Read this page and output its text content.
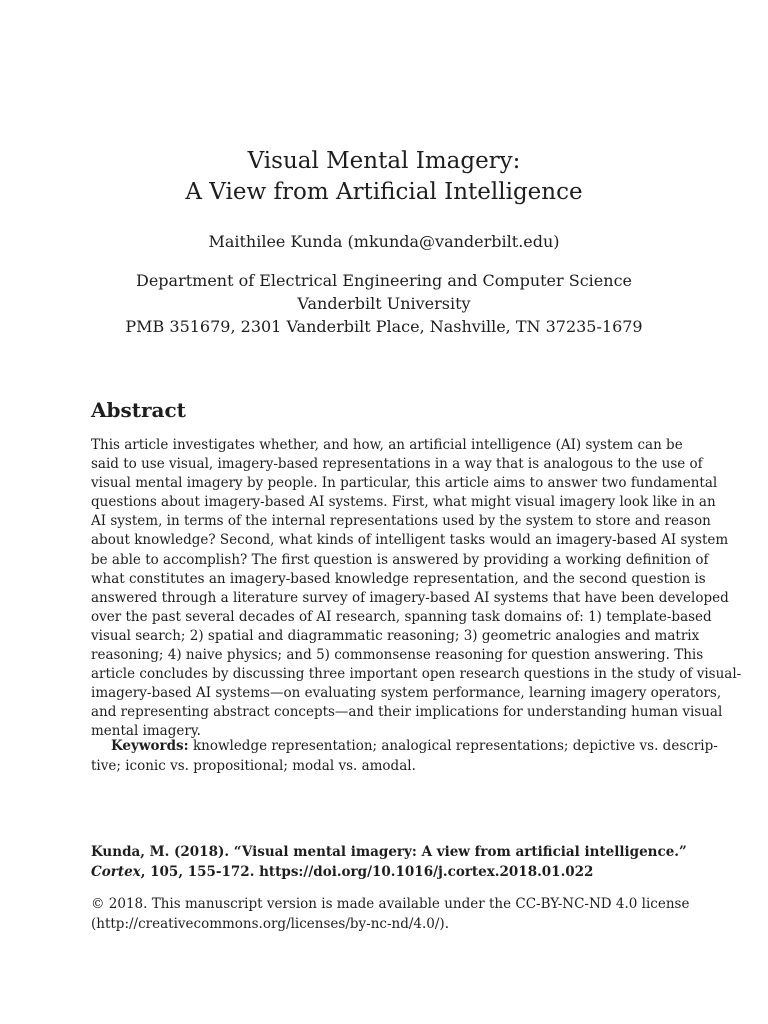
Visual Mental Imagery:
A View from Artificial Intelligence

Maithilee Kunda (mkunda@vanderbilt.edu)

Department of Electrical Engineering and Computer Science
Vanderbilt University
PMB 351679, 2301 Vanderbilt Place, Nashville, TN 37235-1679

Abstract
This article investigates whether, and how, an artificial intelligence (AI) system can be
said to use visual, imagery-based representations in a way that is analogous to the use of
visual mental imagery by people. In particular, this article aims to answer two fundamental
questions about imagery-based AI systems. First, what might visual imagery look like in an
AI system, in terms of the internal representations used by the system to store and reason
about knowledge? Second, what kinds of intelligent tasks would an imagery-based AI system
be able to accomplish? The first question is answered by providing a working definition of
what constitutes an imagery-based knowledge representation, and the second question is
answered through a literature survey of imagery-based AI systems that have been developed
over the past several decades of AI research, spanning task domains of: 1) template-based
visual search; 2) spatial and diagrammatic reasoning; 3) geometric analogies and matrix
reasoning; 4) naive physics; and 5) commonsense reasoning for question answering. This
article concludes by discussing three important open research questions in the study of visual-
imagery-based AI systems—on evaluating system performance, learning imagery operators,
and representing abstract concepts—and their implications for understanding human visual
mental imagery.
Keywords: knowledge representation; analogical representations; depictive vs. descrip-
tive; iconic vs. propositional; modal vs. amodal.
Kunda, M. (2018). “Visual mental imagery: A view from artificial intelligence.”
Cortex, 105, 155-172. https://doi.org/10.1016/j.cortex.2018.01.022
© 2018. This manuscript version is made available under the CC-BY-NC-ND 4.0 license
(http://creativecommons.org/licenses/by-nc-nd/4.0/).
